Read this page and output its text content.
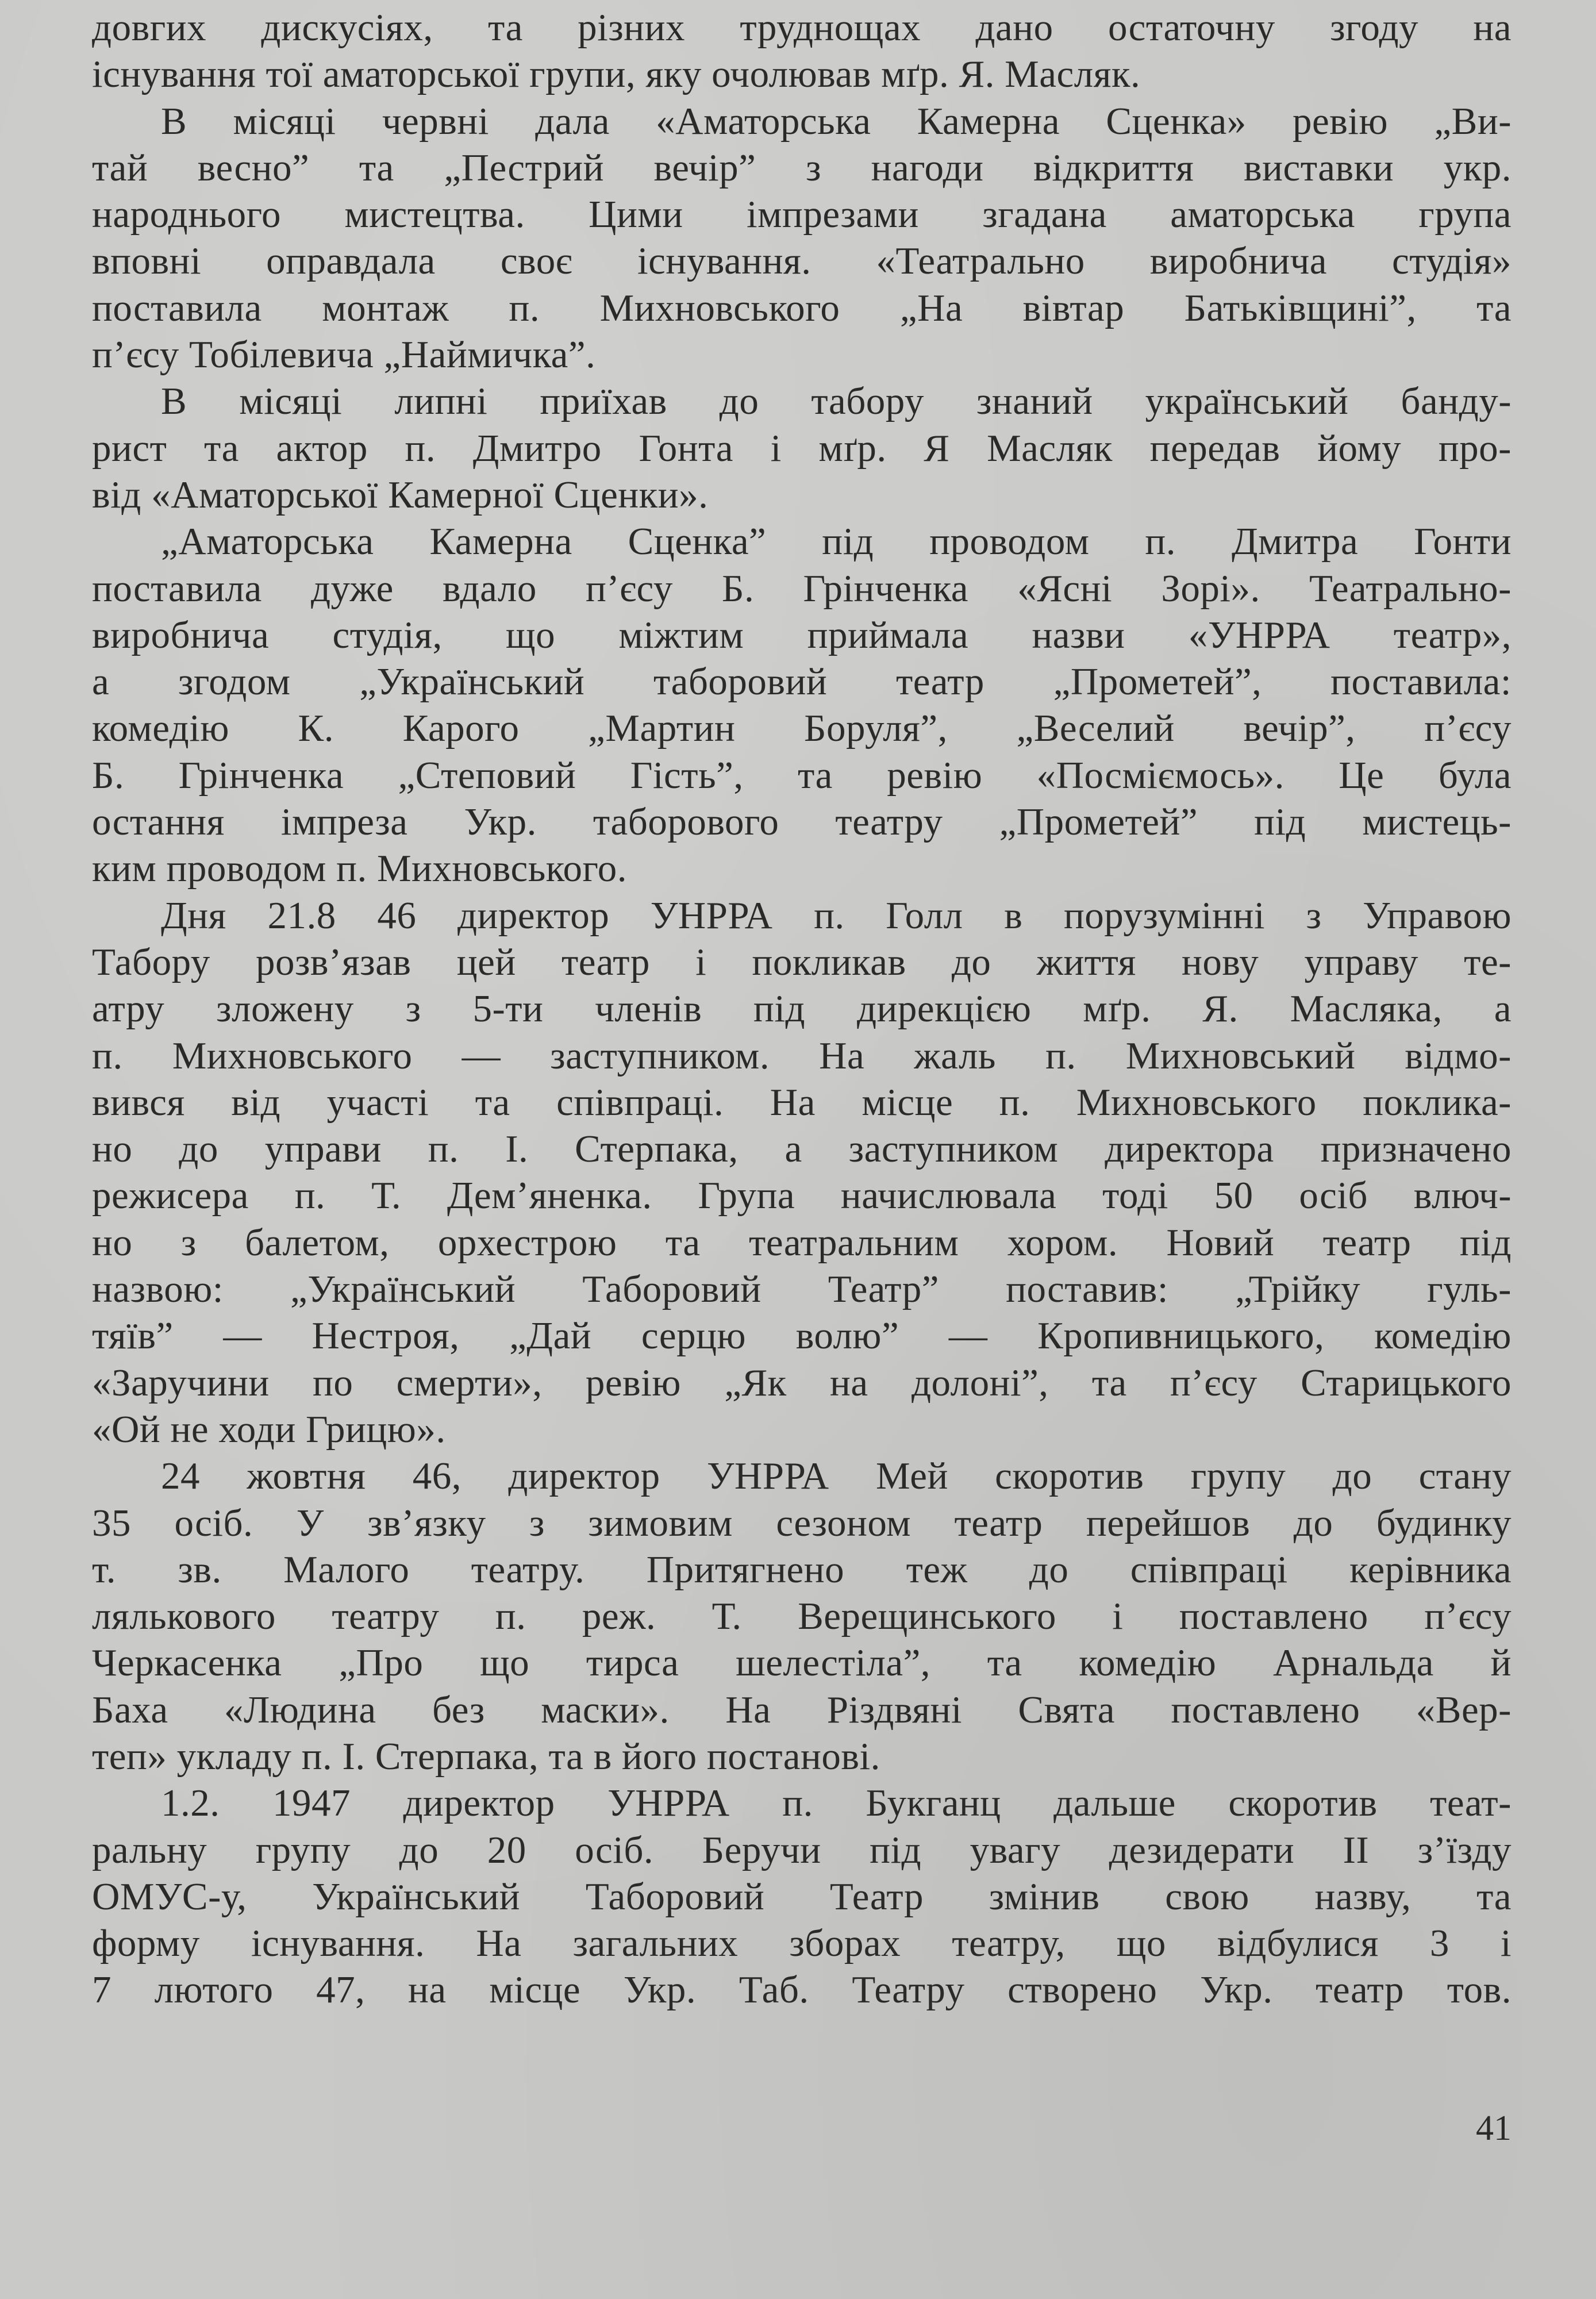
довгих дискусіях, та різних труднощах дано остаточну згоду на
існування тої аматорської групи, яку очолював мґр. Я. Масляк.
В місяці червні дала «Аматорська Камерна Сценка» ревію „Ви-
тай весно” та „Пестрий вечір” з нагоди відкриття виставки укр.
народнього мистецтва. Цими імпрезами згадана аматорська група
вповні оправдала своє існування. «Театрально виробнича студія»
поставила монтаж п. Михновського „На вівтар Батьківщині”, та
п’єсу Тобілевича „Наймичка”.
В місяці липні приїхав до табору знаний український банду-
рист та актор п. Дмитро Гонта і мґр. Я Масляк передав йому про-
від «Аматорської Камерної Сценки».
„Аматорська Камерна Сценка” під проводом п. Дмитра Гонти
поставила дуже вдало п’єсу Б. Грінченка «Ясні Зорі». Театрально-
виробнича студія, що міжтим приймала назви «УНРРА театр»,
а згодом „Український таборовий театр „Прометей”, поставила:
комедію К. Карого „Мартин Боруля”, „Веселий вечір”, п’єсу
Б. Грінченка „Степовий Гість”, та ревію «Посміємось». Це була
остання імпреза Укр. таборового театру „Прометей” під мистець-
ким проводом п. Михновського.
Дня 21.8 46 директор УНРРА п. Голл в порузумінні з Управою
Табору розв’язав цей театр і покликав до життя нову управу те-
атру зложену з 5-ти членів під дирекцією мґр. Я. Масляка, а
п. Михновського — заступником. На жаль п. Михновський відмо-
вився від участі та співпраці. На місце п. Михновського поклика-
но до управи п. І. Стерпака, а заступником директора призначено
режисера п. Т. Дем’яненка. Група начислювала тоді 50 осіб влюч-
но з балетом, орхестрою та театральним хором. Новий театр під
назвою: „Український Таборовий Театр” поставив: „Трійку гуль-
тяїв” — Нестроя, „Дай серцю волю” — Кропивницького, комедію
«Заручини по смерти», ревію „Як на долоні”, та п’єсу Старицького
«Ой не ходи Грицю».
24 жовтня 46, директор УНРРА Мей скоротив групу до стану
35 осіб. У зв’язку з зимовим сезоном театр перейшов до будинку
т. зв. Малого театру. Притягнено теж до співпраці керівника
лялькового театру п. реж. Т. Верещинського і поставлено п’єсу
Черкасенка „Про що тирса шелестіла”, та комедію Арнальда й
Баха «Людина без маски». На Різдвяні Свята поставлено «Вер-
теп» укладу п. І. Стерпака, та в його постанові.
1.2. 1947 директор УНРРА п. Букганц дальше скоротив теат-
ральну групу до 20 осіб. Беручи під увагу дезидерати II з’їзду
ОМУС-у, Український Таборовий Театр змінив свою назву, та
форму існування. На загальних зборах театру, що відбулися 3 і
7 лютого 47, на місце Укр. Таб. Театру створено Укр. театр тов.
41
